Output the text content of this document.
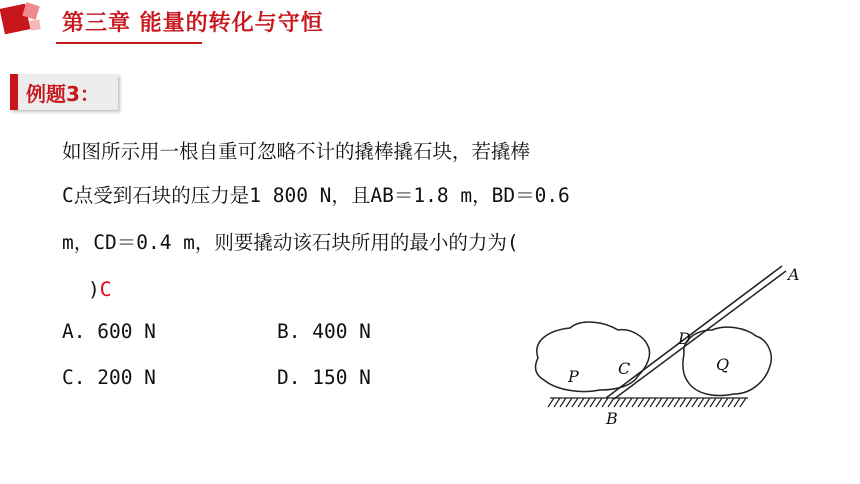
第三章 能量的转化与守恒
例题3：
如图所示用一根自重可忽略不计的撬棒撬石块，若撬棒
C点受到石块的压力是1 800 N，且AB＝1.8 m，BD＝0.6
m，CD＝0.4 m，则要撬动该石块所用的最小的力为(
)C
A. 600 N	B. 400 N
C. 200 N	D. 150 N
A
B
C
D
P
Q
